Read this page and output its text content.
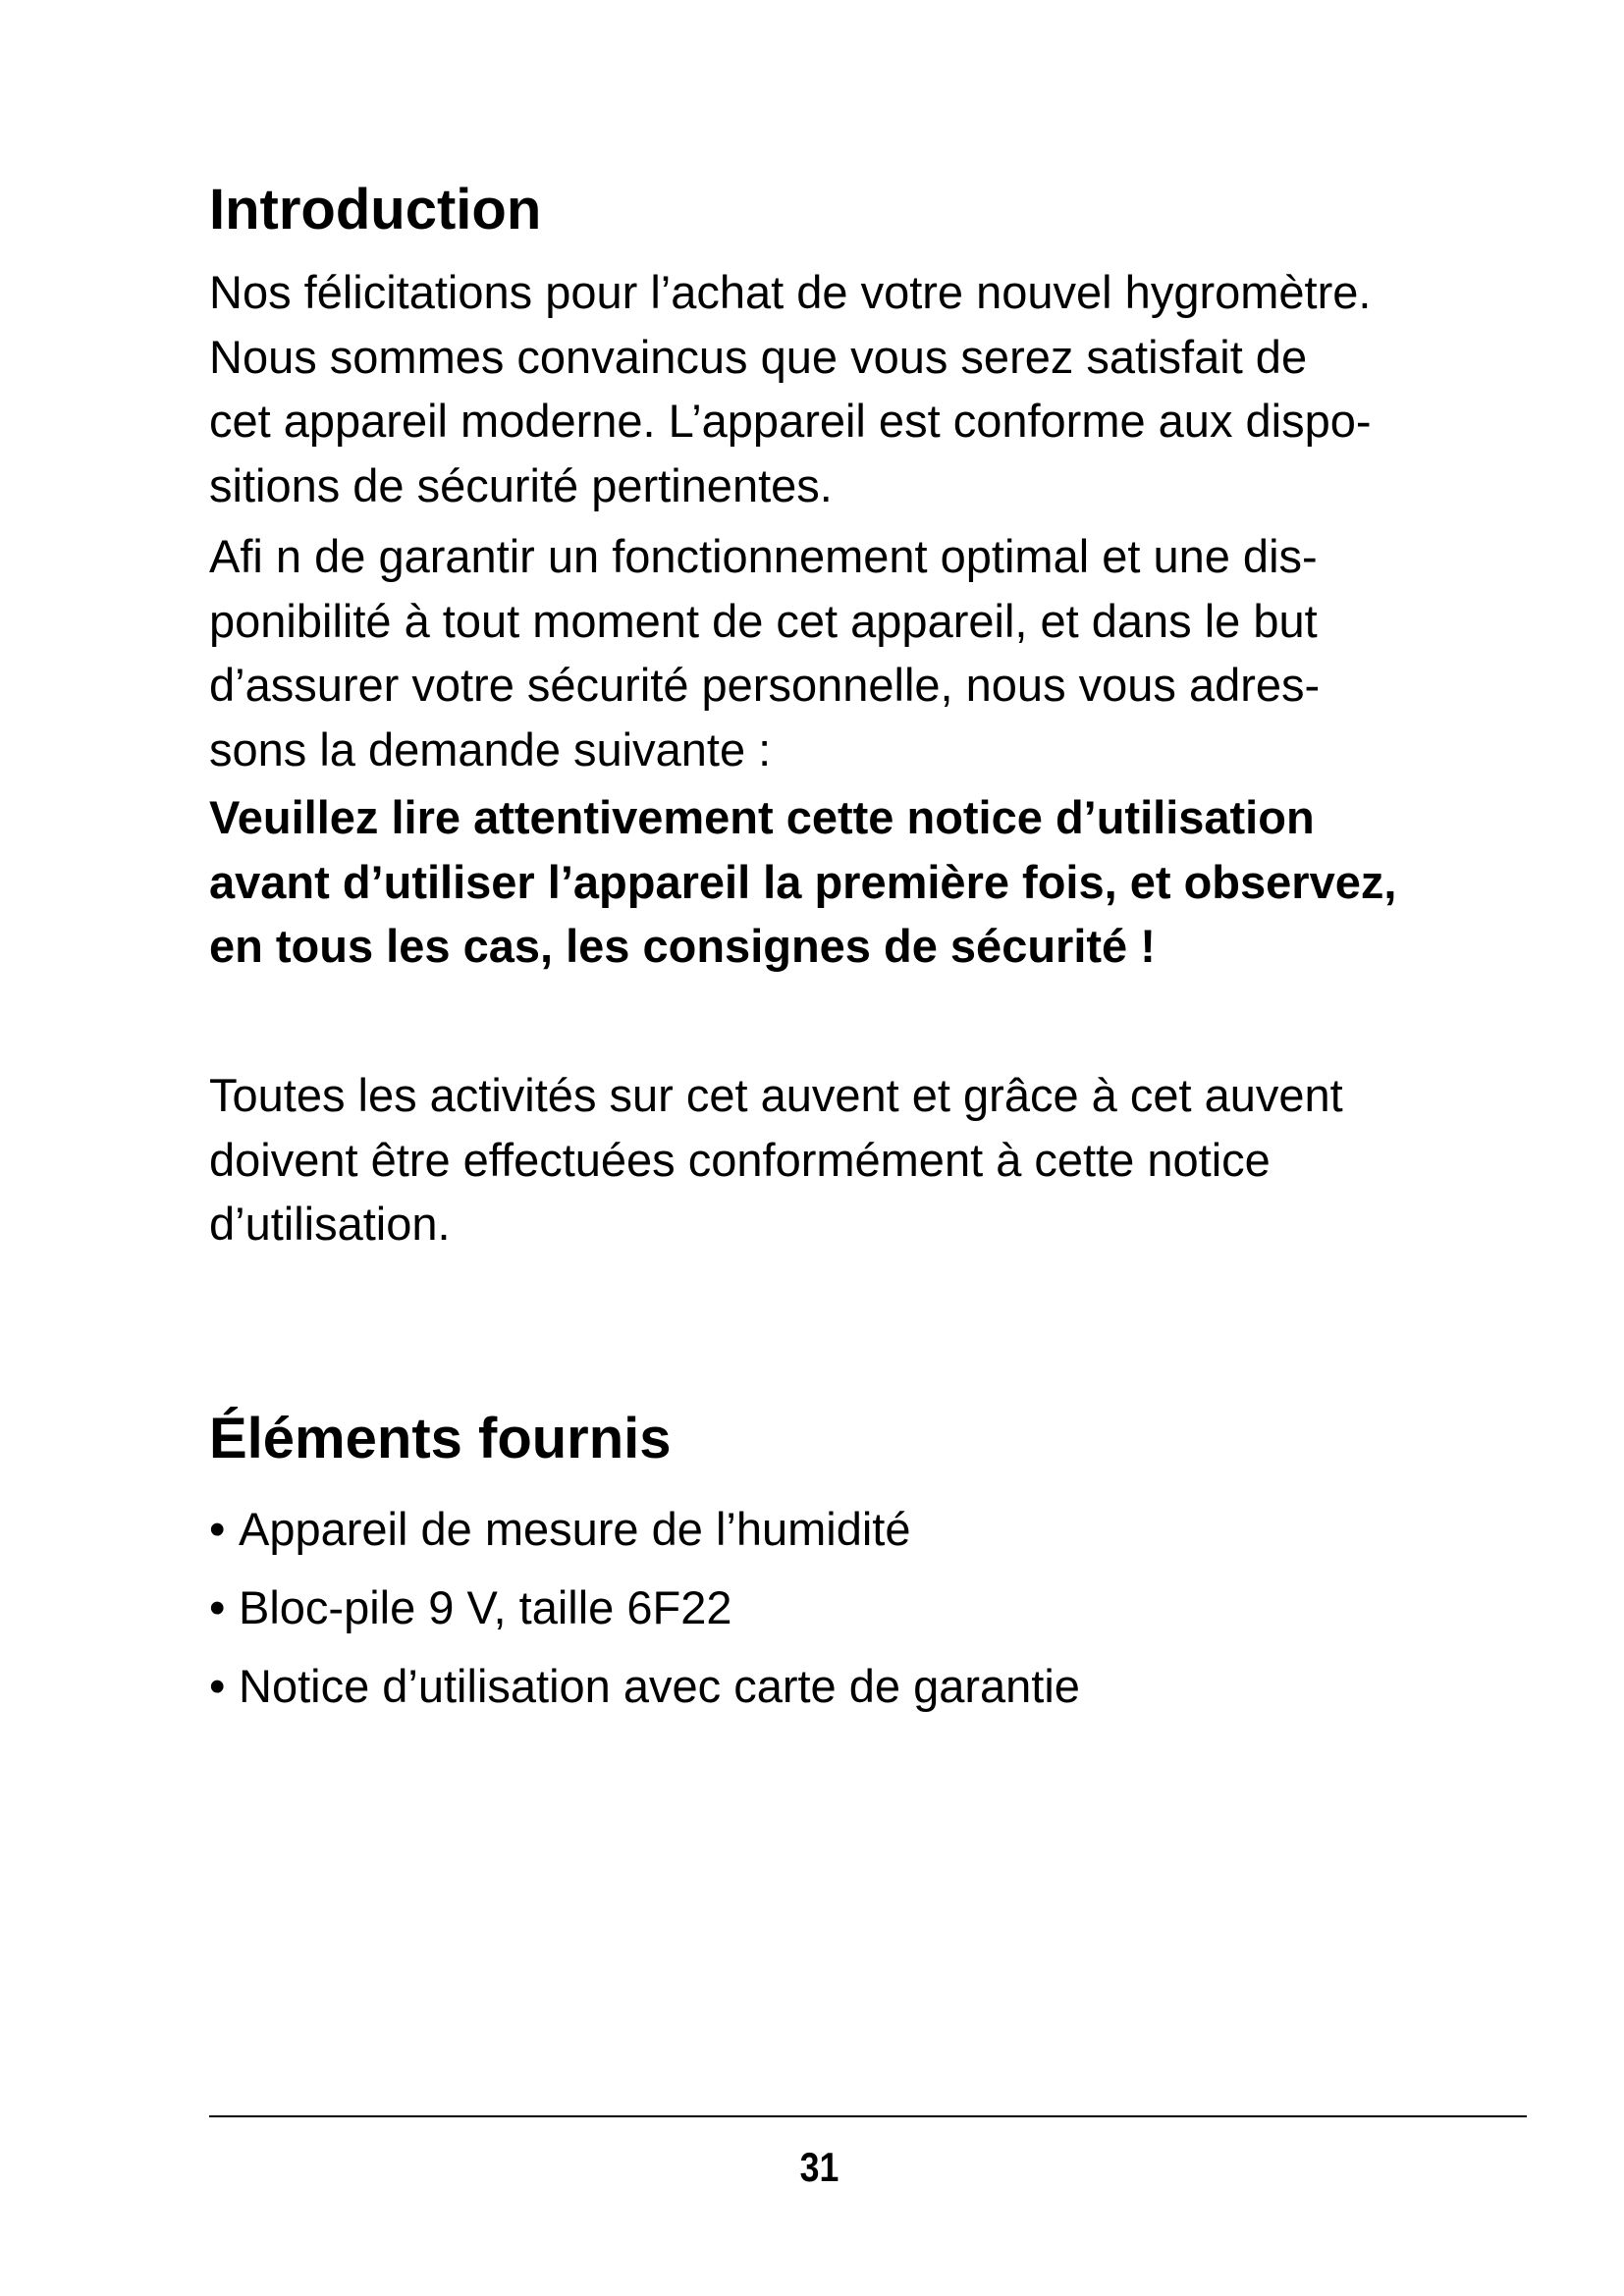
Introduction

Nos félicitations pour l’achat de votre nouvel hygromètre.
Nous sommes convaincus que vous serez satisfait de
cet appareil moderne. L’appareil est conforme aux dispo-
sitions de sécurité pertinentes.

Afi n de garantir un fonctionnement optimal et une dis-
ponibilité à tout moment de cet appareil, et dans le but
d’assurer votre sécurité personnelle, nous vous adres-
sons la demande suivante :

Veuillez lire attentivement cette notice d’utilisation
avant d’utiliser l’appareil la première fois, et observez,
en tous les cas, les consignes de sécurité !

Toutes les activités sur cet auvent et grâce à cet auvent
doivent être effectuées conformément à cette notice
d’utilisation.

Éléments fournis
• Appareil de mesure de l’humidité
• Bloc-pile 9 V, taille 6F22
• Notice d’utilisation avec carte de garantie
31
